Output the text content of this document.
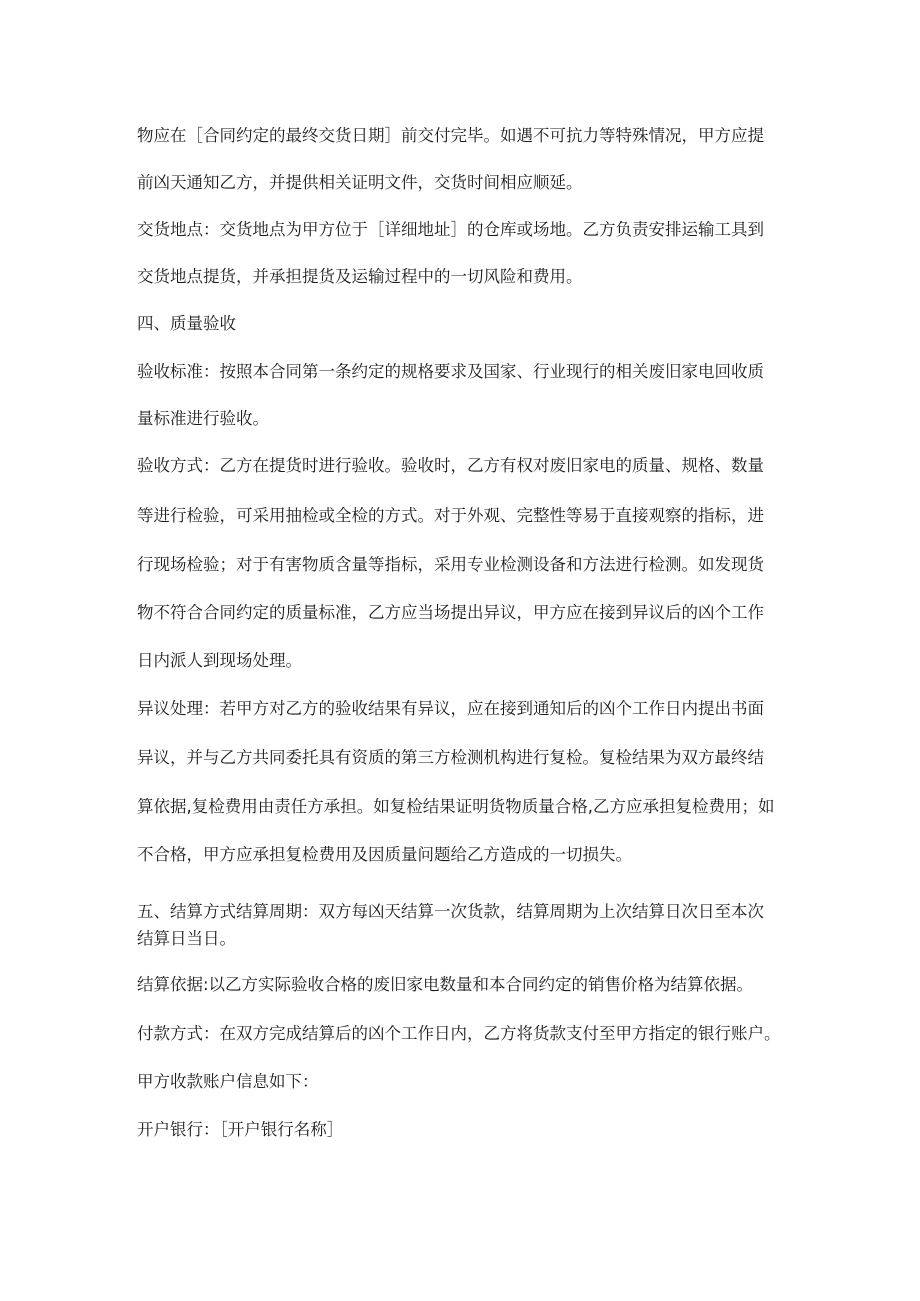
物应在［合同约定的最终交货日期］前交付完毕。如遇不可抗力等特殊情况，甲方应提
前凶天通知乙方，并提供相关证明文件，交货时间相应顺延。
交货地点：交货地点为甲方位于［详细地址］的仓库或场地。乙方负责安排运输工具到
交货地点提货，并承担提货及运输过程中的一切风险和费用。
四、质量验收
验收标准：按照本合同第一条约定的规格要求及国家、行业现行的相关废旧家电回收质
量标准进行验收。
验收方式：乙方在提货时进行验收。验收时，乙方有权对废旧家电的质量、规格、数量
等进行检验，可采用抽检或全检的方式。对于外观、完整性等易于直接观察的指标，进
行现场检验；对于有害物质含量等指标，采用专业检测设备和方法进行检测。如发现货
物不符合合同约定的质量标准，乙方应当场提出异议，甲方应在接到异议后的凶个工作
日内派人到现场处理。
异议处理：若甲方对乙方的验收结果有异议，应在接到通知后的凶个工作日内提出书面
异议，并与乙方共同委托具有资质的第三方检测机构进行复检。复检结果为双方最终结
算依据,复检费用由责任方承担。如复检结果证明货物质量合格,乙方应承担复检费用；如
不合格，甲方应承担复检费用及因质量问题给乙方造成的一切损失。
五、结算方式结算周期：双方每凶天结算一次货款，结算周期为上次结算日次日至本次
结算日当日。
结算依据:以乙方实际验收合格的废旧家电数量和本合同约定的销售价格为结算依据。
付款方式：在双方完成结算后的凶个工作日内，乙方将货款支付至甲方指定的银行账户。
甲方收款账户信息如下：
开户银行：［开户银行名称］
